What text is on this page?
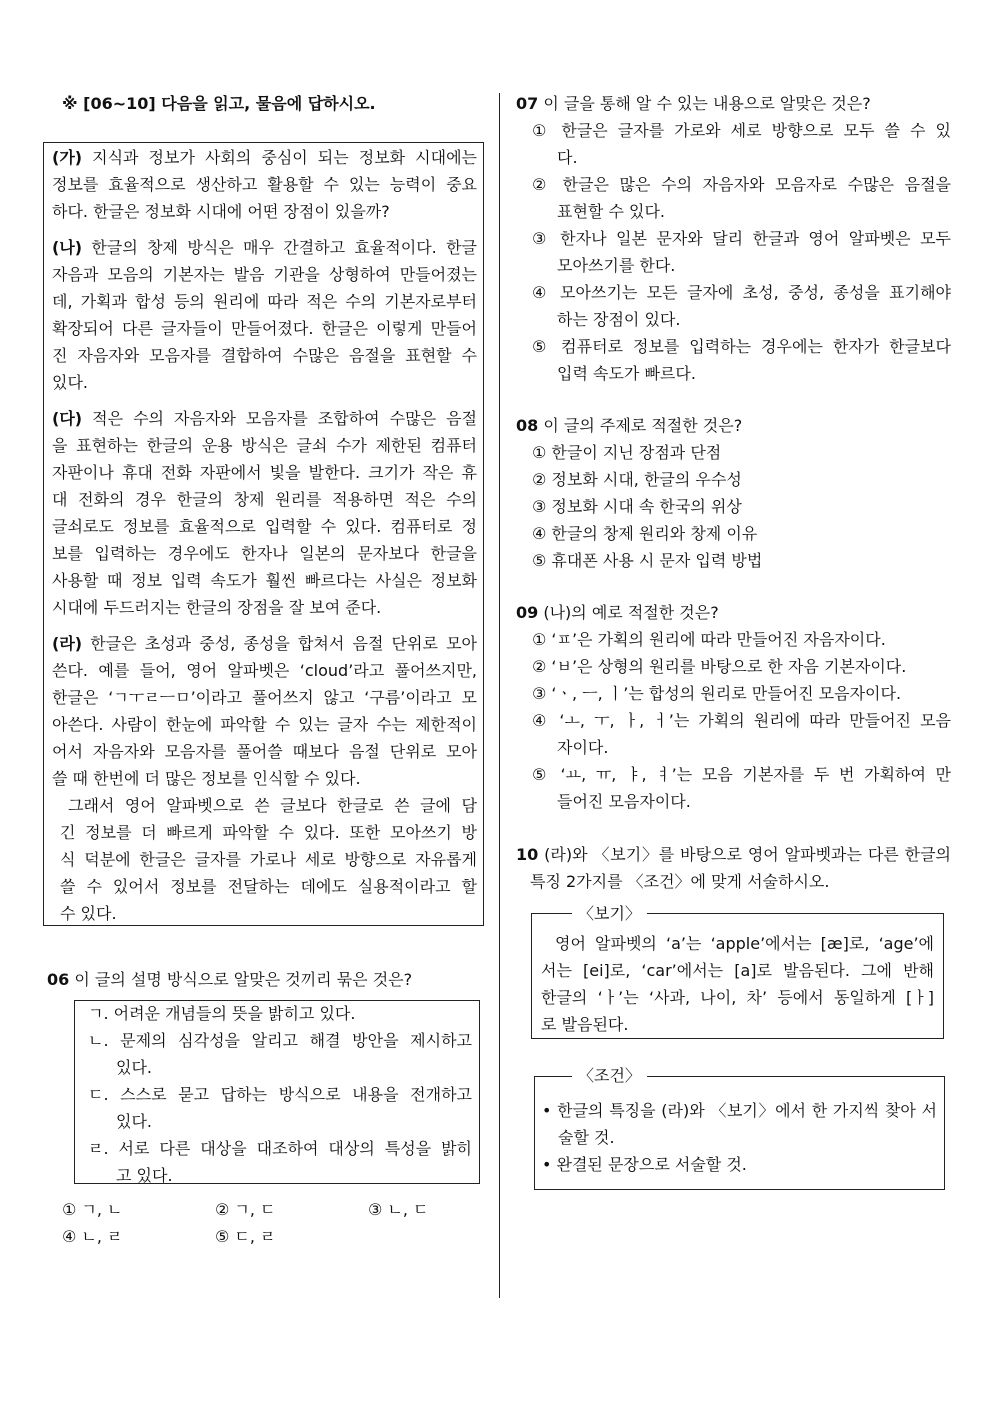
※ [06~10] 다음을 읽고, 물음에 답하시오.
(가) 지식과 정보가 사회의 중심이 되는 정보화 시대에는
정보를 효율적으로 생산하고 활용할 수 있는 능력이 중요
하다. 한글은 정보화 시대에 어떤 장점이 있을까?
(나) 한글의 창제 방식은 매우 간결하고 효율적이다. 한글
자음과 모음의 기본자는 발음 기관을 상형하여 만들어졌는
데, 가획과 합성 등의 원리에 따라 적은 수의 기본자로부터
확장되어 다른 글자들이 만들어졌다. 한글은 이렇게 만들어
진 자음자와 모음자를 결합하여 수많은 음절을 표현할 수
있다.
(다) 적은 수의 자음자와 모음자를 조합하여 수많은 음절
을 표현하는 한글의 운용 방식은 글쇠 수가 제한된 컴퓨터
자판이나 휴대 전화 자판에서 빛을 발한다. 크기가 작은 휴
대 전화의 경우 한글의 창제 원리를 적용하면 적은 수의
글쇠로도 정보를 효율적으로 입력할 수 있다. 컴퓨터로 정
보를 입력하는 경우에도 한자나 일본의 문자보다 한글을
사용할 때 정보 입력 속도가 훨씬 빠르다는 사실은 정보화
시대에 두드러지는 한글의 장점을 잘 보여 준다.
(라) 한글은 초성과 중성, 종성을 합쳐서 음절 단위로 모아
쓴다. 예를 들어, 영어 알파벳은 ‘cloud’라고 풀어쓰지만,
한글은 ‘ㄱㅜㄹㅡㅁ’이라고 풀어쓰지 않고 ‘구름’이라고 모
아쓴다. 사람이 한눈에 파악할 수 있는 글자 수는 제한적이
어서 자음자와 모음자를 풀어쓸 때보다 음절 단위로 모아
쓸 때 한번에 더 많은 정보를 인식할 수 있다.
그래서 영어 알파벳으로 쓴 글보다 한글로 쓴 글에 담
긴 정보를 더 빠르게 파악할 수 있다. 또한 모아쓰기 방
식 덕분에 한글은 글자를 가로나 세로 방향으로 자유롭게
쓸 수 있어서 정보를 전달하는 데에도 실용적이라고 할
수 있다.
06 이 글의 설명 방식으로 알맞은 것끼리 묶은 것은?
ㄱ. 어려운 개념들의 뜻을 밝히고 있다.
ㄴ. 문제의 심각성을 알리고 해결 방안을 제시하고
있다.
ㄷ. 스스로 묻고 답하는 방식으로 내용을 전개하고
있다.
ㄹ. 서로 다른 대상을 대조하여 대상의 특성을 밝히
고 있다.
① ㄱ, ㄴ	② ㄱ, ㄷ	③ ㄴ, ㄷ
④ ㄴ, ㄹ	⑤ ㄷ, ㄹ
07 이 글을 통해 알 수 있는 내용으로 알맞은 것은?
① 한글은 글자를 가로와 세로 방향으로 모두 쓸 수 있
다.
② 한글은 많은 수의 자음자와 모음자로 수많은 음절을
표현할 수 있다.
③ 한자나 일본 문자와 달리 한글과 영어 알파벳은 모두
모아쓰기를 한다.
④ 모아쓰기는 모든 글자에 초성, 중성, 종성을 표기해야
하는 장점이 있다.
⑤ 컴퓨터로 정보를 입력하는 경우에는 한자가 한글보다
입력 속도가 빠르다.
08 이 글의 주제로 적절한 것은?
① 한글이 지닌 장점과 단점
② 정보화 시대, 한글의 우수성
③ 정보화 시대 속 한국의 위상
④ 한글의 창제 원리와 창제 이유
⑤ 휴대폰 사용 시 문자 입력 방법
09 (나)의 예로 적절한 것은?
① ‘ㅍ’은 가획의 원리에 따라 만들어진 자음자이다.
② ‘ㅂ’은 상형의 원리를 바탕으로 한 자음 기본자이다.
③ ‘ㆍ, ㅡ, ㅣ’는 합성의 원리로 만들어진 모음자이다.
④ ‘ㅗ, ㅜ, ㅏ, ㅓ’는 가획의 원리에 따라 만들어진 모음
자이다.
⑤ ‘ㅛ, ㅠ, ㅑ, ㅕ’는 모음 기본자를 두 번 가획하여 만
들어진 모음자이다.
10 (라)와 〈보기〉를 바탕으로 영어 알파벳과는 다른 한글의
특징 2가지를 〈조건〉에 맞게 서술하시오.
〈보기〉
영어 알파벳의 ‘a’는 ‘apple’에서는 [æ]로, ‘age’에
서는 [ei]로, ‘car’에서는 [a]로 발음된다. 그에 반해
한글의 ‘ㅏ’는 ‘사과, 나이, 차’ 등에서 동일하게 [ㅏ]
로 발음된다.
〈조건〉
• 한글의 특징을 (라)와 〈보기〉에서 한 가지씩 찾아 서
술할 것.
• 완결된 문장으로 서술할 것.
